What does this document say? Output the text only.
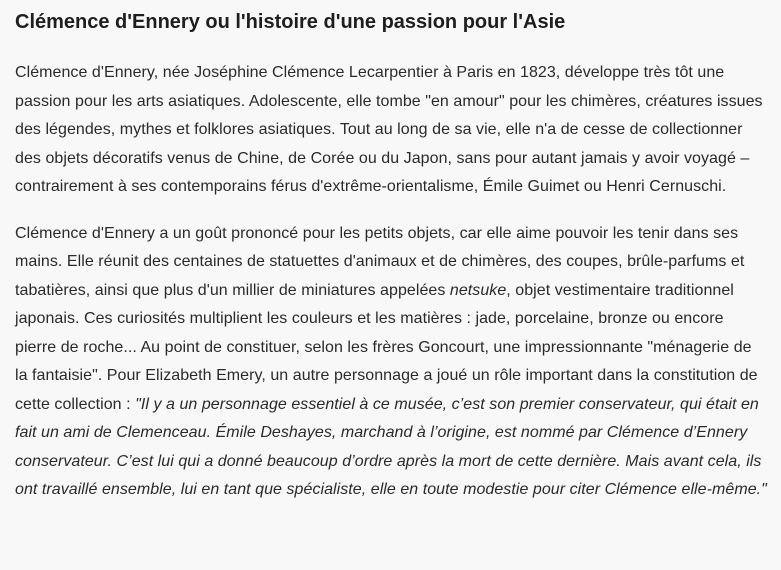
Clémence d'Ennery ou l'histoire d'une passion pour l'Asie

Clémence d'Ennery, née Joséphine Clémence Lecarpentier à Paris en 1823, développe très tôt une passion pour les arts asiatiques. Adolescente, elle tombe "en amour" pour les chimères, créatures issues des légendes, mythes et folklores asiatiques. Tout au long de sa vie, elle n'a de cesse de collectionner des objets décoratifs venus de Chine, de Corée ou du Japon, sans pour autant jamais y avoir voyagé – contrairement à ses contemporains férus d'extrême-orientalisme, Émile Guimet ou Henri Cernuschi.

Clémence d'Ennery a un goût prononcé pour les petits objets, car elle aime pouvoir les tenir dans ses mains. Elle réunit des centaines de statuettes d'animaux et de chimères, des coupes, brûle-parfums et tabatières, ainsi que plus d'un millier de miniatures appelées netsuke, objet vestimentaire traditionnel japonais. Ces curiosités multiplient les couleurs et les matières : jade, porcelaine, bronze ou encore pierre de roche... Au point de constituer, selon les frères Goncourt, une impressionnante "ménagerie de la fantaisie". Pour Elizabeth Emery, un autre personnage a joué un rôle important dans la constitution de cette collection : "Il y a un personnage essentiel à ce musée, c’est son premier conservateur, qui était en fait un ami de Clemenceau. Émile Deshayes, marchand à l’origine, est nommé par Clémence d’Ennery conservateur. C’est lui qui a donné beaucoup d’ordre après la mort de cette dernière. Mais avant cela, ils ont travaillé ensemble, lui en tant que spécialiste, elle en toute modestie pour citer Clémence elle-même."
